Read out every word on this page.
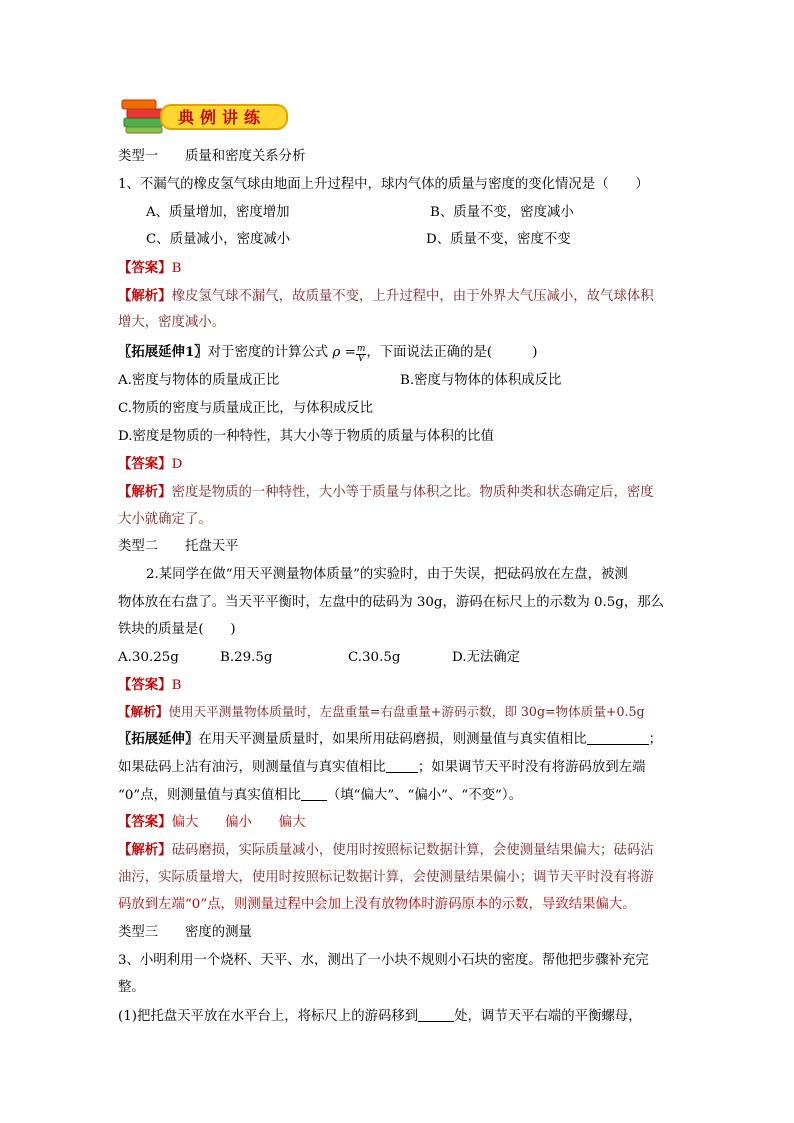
典例讲练
类型一　　质量和密度关系分析
1、不漏气的橡皮氢气球由地面上升过程中，球内气体的质量与密度的变化情况是（　　）
A、质量增加，密度增加	B、质量不变，密度减小
C、质量减小，密度减小	D、质量不变，密度不变
【答案】B
【解析】橡皮氢气球不漏气，故质量不变，上升过程中，由于外界大气压减小，故气球体积
增大，密度减小。
〖拓展延伸1〗对于密度的计算公式 $\rho = \frac{m}{V}$ ，下面说法正确的是(　　　)
A.密度与物体的质量成正比	B.密度与物体的体积成反比
C.物质的密度与质量成正比，与体积成反比
D.密度是物质的一种特性，其大小等于物质的质量与体积的比值
【答案】D
【解析】密度是物质的一种特性，大小等于质量与体积之比。物质种类和状态确定后，密度
大小就确定了。
类型二　　托盘天平
2.某同学在做“用天平测量物体质量”的实验时，由于失误，把砝码放在左盘，被测
物体放在右盘了。当天平平衡时，左盘中的砝码为 30g，游码在标尺上的示数为 0.5g，那么
铁块的质量是(　　)
A.30.25g	B.29.5g	C.30.5g	D.无法确定
【答案】B
【解析】使用天平测量物体质量时，左盘重量=右盘重量+游码示数，即 30g=物体质量+0.5g
〖拓展延伸〗在用天平测量质量时，如果所用砝码磨损，则测量值与真实值相比	；
如果砝码上沾有油污，则测量值与真实值相比 ；如果调节天平时没有将游码放到左端
“0”点，则测量值与真实值相比 （填“偏大”、“偏小”、“不变”）。
【答案】偏大　　偏小　　偏大
【解析】砝码磨损，实际质量减小，使用时按照标记数据计算，会使测量结果偏大；砝码沾
油污，实际质量增大，使用时按照标记数据计算，会使测量结果偏小；调节天平时没有将游
码放到左端“0”点，则测量过程中会加上没有放物体时游码原本的示数，导致结果偏大。
类型三　　密度的测量
3、小明利用一个烧杯、天平、水，测出了一小块不规则小石块的密度。帮他把步骤补充完
整。
(1)把托盘天平放在水平台上，将标尺上的游码移到	处，调节天平右端的平衡螺母，
